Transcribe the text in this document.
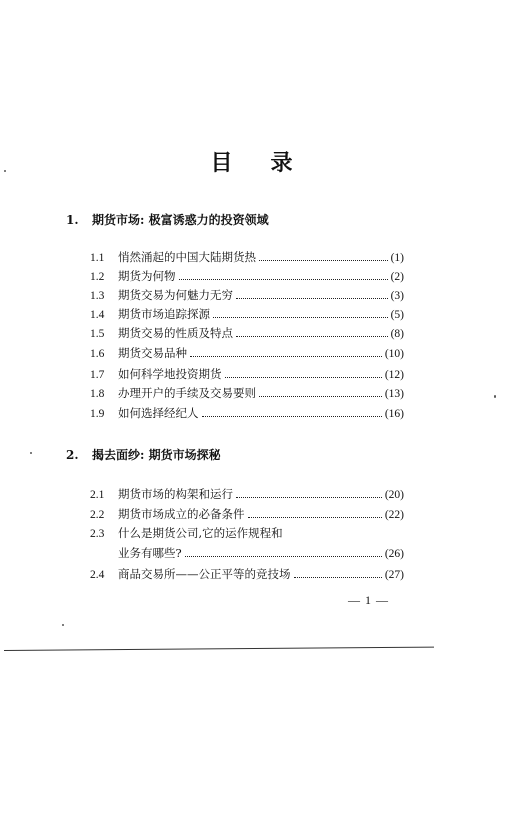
目 录
1. 期货市场: 极富诱惑力的投资领域
1.1	悄然涌起的中国大陆期货热	(1)
1.2	期货为何物	(2)
1.3	期货交易为何魅力无穷	(3)
1.4	期货市场追踪探源	(5)
1.5	期货交易的性质及特点	(8)
1.6	期货交易品种	(10)
1.7	如何科学地投资期货	(12)
1.8	办理开户的手续及交易要则	(13)
1.9	如何选择经纪人	(16)
2. 揭去面纱: 期货市场探秘
2.1	期货市场的构架和运行	(20)
2.2	期货市场成立的必备条件	(22)
2.3	什么是期货公司,它的运作规程和
业务有哪些?	(26)
2.4	商品交易所——公正平等的竞技场	(27)
— 1 —
